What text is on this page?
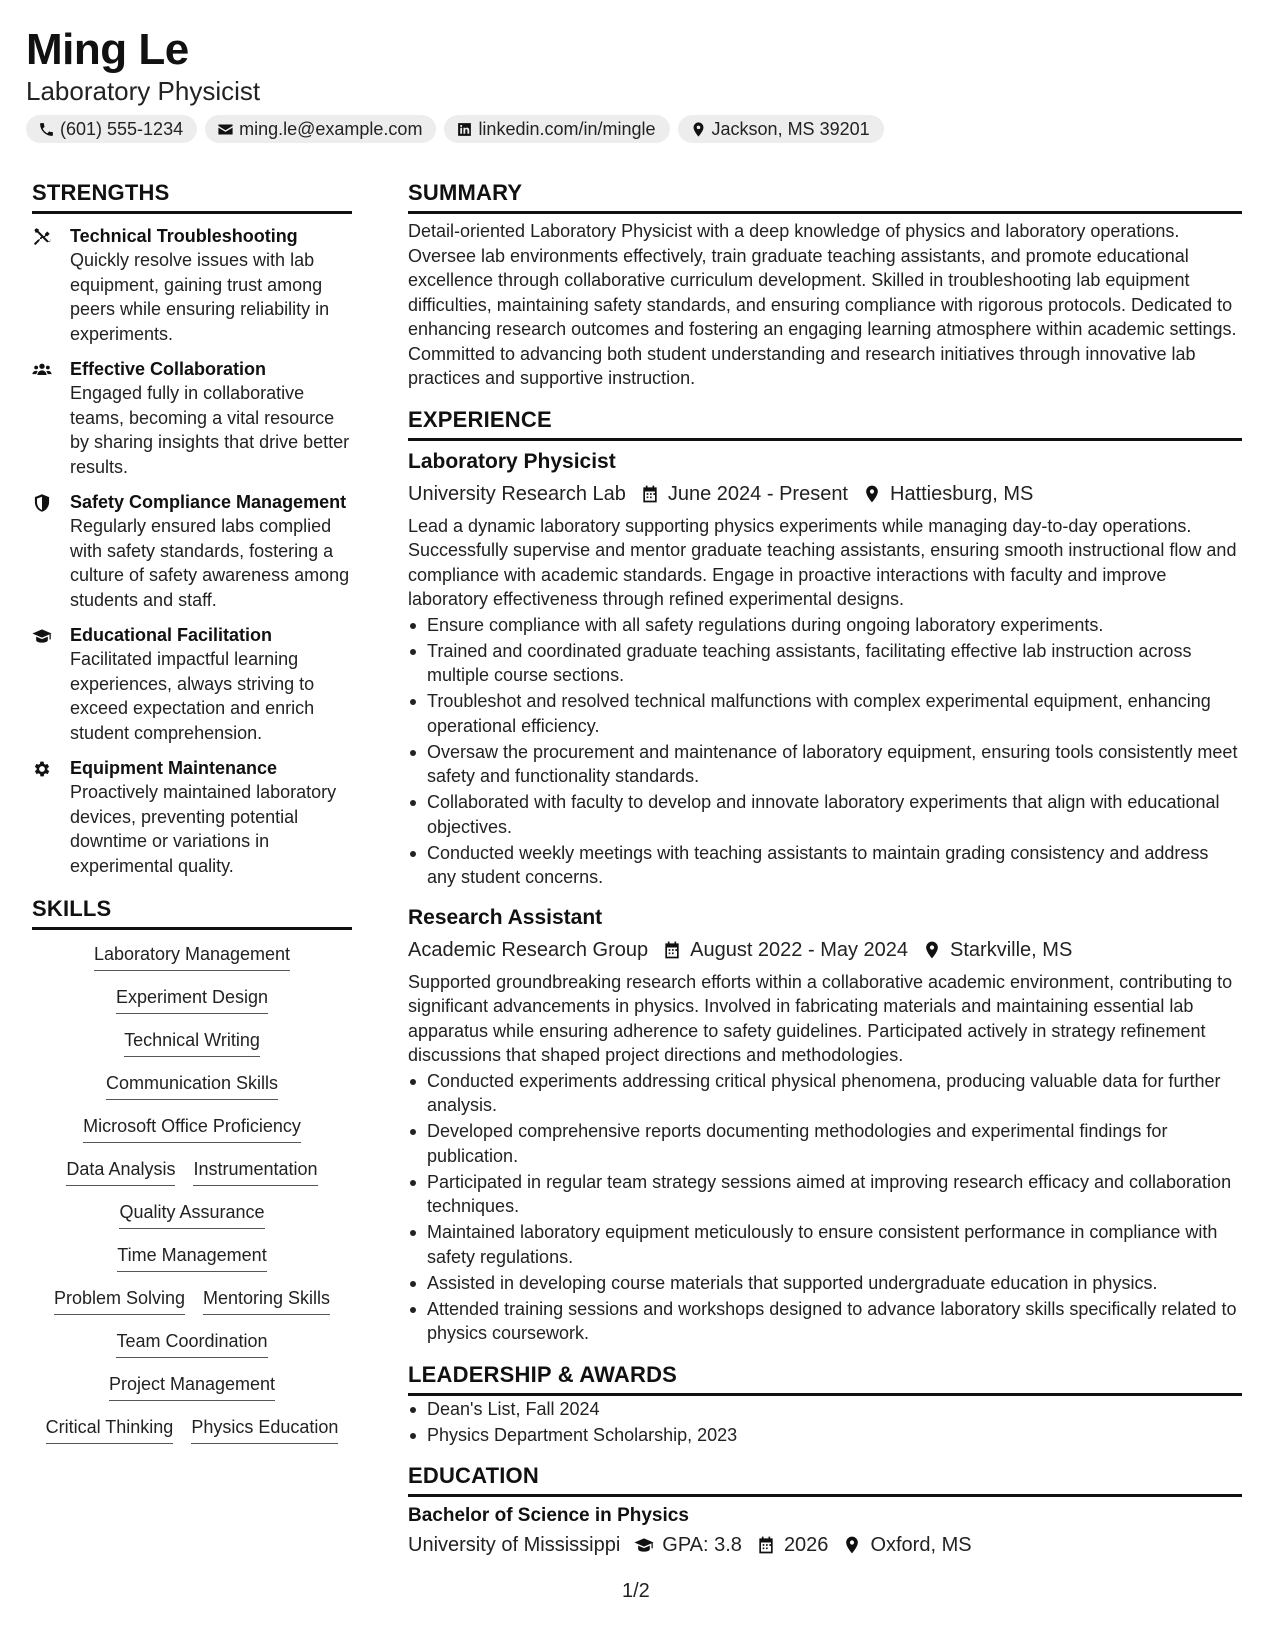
Ming Le
Laboratory Physicist
(601) 555-1234	ming.le@example.com	linkedin.com/in/mingle	Jackson, MS 39201
STRENGTHS
Technical Troubleshooting
Quickly resolve issues with lab equipment, gaining trust among peers while ensuring reliability in experiments.
Effective Collaboration
Engaged fully in collaborative teams, becoming a vital resource by sharing insights that drive better results.
Safety Compliance Management
Regularly ensured labs complied with safety standards, fostering a culture of safety awareness among students and staff.
Educational Facilitation
Facilitated impactful learning experiences, always striving to exceed expectation and enrich student comprehension.
Equipment Maintenance
Proactively maintained laboratory devices, preventing potential downtime or variations in experimental quality.
SKILLS
Laboratory Management
Experiment Design
Technical Writing
Communication Skills
Microsoft Office Proficiency
Data Analysis Instrumentation
Quality Assurance
Time Management
Problem Solving Mentoring Skills
Team Coordination
Project Management
Critical Thinking Physics Education
SUMMARY
Detail-oriented Laboratory Physicist with a deep knowledge of physics and laboratory operations. Oversee lab environments effectively, train graduate teaching assistants, and promote educational excellence through collaborative curriculum development. Skilled in troubleshooting lab equipment difficulties, maintaining safety standards, and ensuring compliance with rigorous protocols. Dedicated to enhancing research outcomes and fostering an engaging learning atmosphere within academic settings. Committed to advancing both student understanding and research initiatives through innovative lab practices and supportive instruction.
EXPERIENCE
Laboratory Physicist
University Research Lab June 2024 - Present Hattiesburg, MS
Lead a dynamic laboratory supporting physics experiments while managing day-to-day operations. Successfully supervise and mentor graduate teaching assistants, ensuring smooth instructional flow and compliance with academic standards. Engage in proactive interactions with faculty and improve laboratory effectiveness through refined experimental designs.
Ensure compliance with all safety regulations during ongoing laboratory experiments.
Trained and coordinated graduate teaching assistants, facilitating effective lab instruction across multiple course sections.
Troubleshot and resolved technical malfunctions with complex experimental equipment, enhancing operational efficiency.
Oversaw the procurement and maintenance of laboratory equipment, ensuring tools consistently meet safety and functionality standards.
Collaborated with faculty to develop and innovate laboratory experiments that align with educational objectives.
Conducted weekly meetings with teaching assistants to maintain grading consistency and address any student concerns.
Research Assistant
Academic Research Group August 2022 - May 2024 Starkville, MS
Supported groundbreaking research efforts within a collaborative academic environment, contributing to significant advancements in physics. Involved in fabricating materials and maintaining essential lab apparatus while ensuring adherence to safety guidelines. Participated actively in strategy refinement discussions that shaped project directions and methodologies.
Conducted experiments addressing critical physical phenomena, producing valuable data for further analysis.
Developed comprehensive reports documenting methodologies and experimental findings for publication.
Participated in regular team strategy sessions aimed at improving research efficacy and collaboration techniques.
Maintained laboratory equipment meticulously to ensure consistent performance in compliance with safety regulations.
Assisted in developing course materials that supported undergraduate education in physics.
Attended training sessions and workshops designed to advance laboratory skills specifically related to physics coursework.
LEADERSHIP & AWARDS
Dean's List, Fall 2024
Physics Department Scholarship, 2023
EDUCATION
Bachelor of Science in Physics
University of Mississippi GPA: 3.8 2026 Oxford, MS
1/2
